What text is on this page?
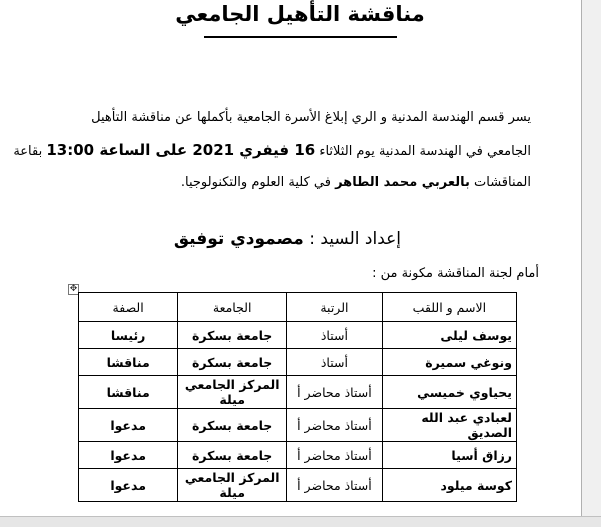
مناقشة التأهيل الجامعي
يسر قسم الهندسة المدنية و الري إبلاغ الأسرة الجامعية بأكملها عن مناقشة التأهيل
الجامعي في الهندسة المدنية يوم الثلاثاء 16 فيفري 2021 على الساعة 13:00 بقاعة
المناقشات بالعربي محمد الطاهر في كلية العلوم والتكنولوجيا.
إعداد السيد : مصمودي توفيق
أمام لجنة المناقشة مكونة من :
✥
الاسم و اللقب	الرتبة	الجامعة	الصفة
يوسف ليلى	أستاذ	جامعة بسكرة	رئيسا
ونوغي سميرة	أستاذ	جامعة بسكرة	مناقشا
يحياوي خميسي	أستاذ محاضر أ	المركز الجامعي ميلة	مناقشا
لعبادي عبد الله الصديق	أستاذ محاضر أ	جامعة بسكرة	مدعوا
رزاق أسيا	أستاذ محاضر أ	جامعة بسكرة	مدعوا
كوسة ميلود	أستاذ محاضر أ	المركز الجامعي ميلة	مدعوا
